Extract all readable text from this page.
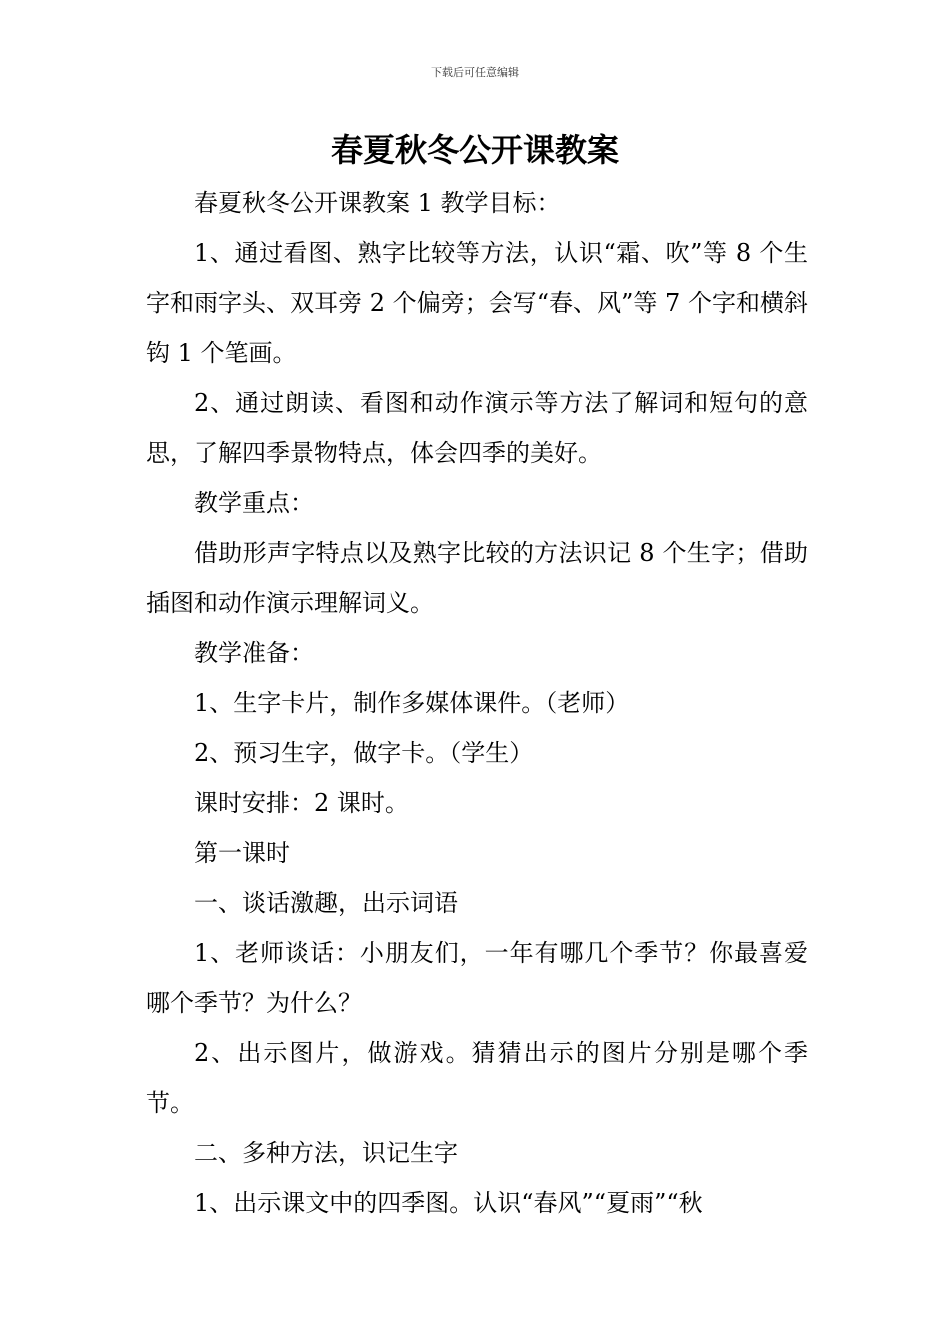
下载后可任意编辑
春夏秋冬公开课教案

春夏秋冬公开课教案 1 教学目标：

1、通过看图、熟字比较等方法，认识“霜、吹”等 8 个生字和雨字头、双耳旁 2 个偏旁；会写“春、风”等 7 个字和横斜钩 1 个笔画。

2、通过朗读、看图和动作演示等方法了解词和短句的意思，了解四季景物特点，体会四季的美好。

教学重点：

借助形声字特点以及熟字比较的方法识记 8 个生字；借助插图和动作演示理解词义。

教学准备：

1、生字卡片，制作多媒体课件。（老师）

2、预习生字，做字卡。（学生）

课时安排：2 课时。

第一课时

一、谈话激趣，出示词语

1、老师谈话：小朋友们，一年有哪几个季节？你最喜爱哪个季节？为什么？

2、出示图片，做游戏。猜猜出示的图片分别是哪个季节。

二、多种方法，识记生字

1、出示课文中的四季图。认识“春风”“夏雨”“秋
